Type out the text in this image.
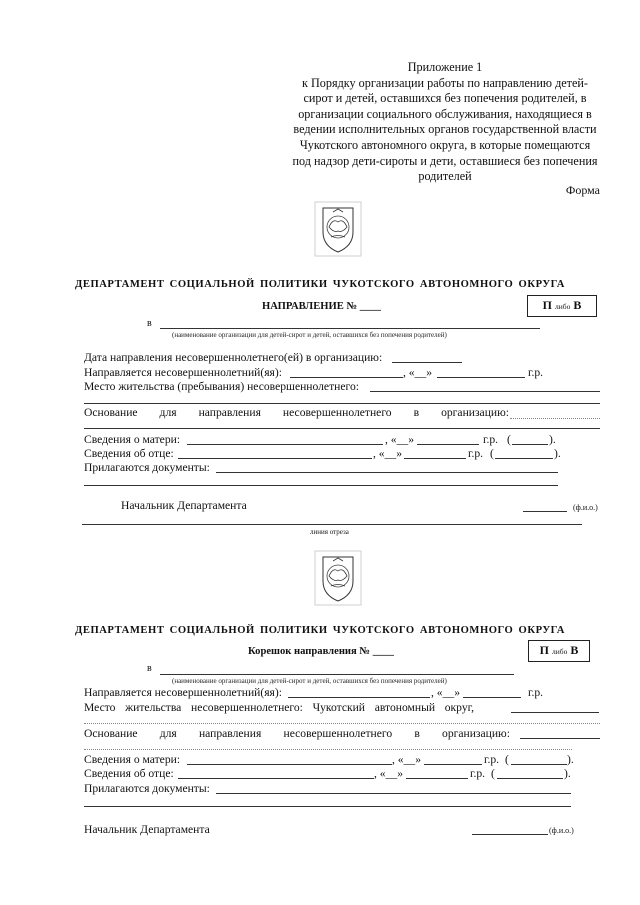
Приложение 1
к Порядку организации работы по направлению детей-
сирот и детей, оставшихся без попечения родителей, в
организации социального обслуживания, находящиеся в
ведении исполнительных органов государственной власти
Чукотского автономного округа, в которые помещаются
под надзор дети-сироты и дети, оставшиеся без попечения
родителей
Форма
ДЕПАРТАМЕНТ СОЦИАЛЬНОЙ ПОЛИТИКИ ЧУКОТСКОГО АВТОНОМНОГО ОКРУГА
НАПРАВЛЕНИЕ № ____	П либо В
в
(наименование организации для детей-сирот и детей, оставшихся без попечения родителей)
Дата направления несовершеннолетнего(ей) в организацию:
Направляется несовершеннолетний(яя):	, «__»	г.р.
Место жительства (пребывания) несовершеннолетнего:
Основание для направления несовершеннолетнего в организацию:
Сведения о матери:	, «__»	г.р. (	).
Сведения об отце:	, «__»	г.р. (	).
Прилагаются документы:
Начальник Департамента	(ф.и.о.)
линия отреза
ДЕПАРТАМЕНТ СОЦИАЛЬНОЙ ПОЛИТИКИ ЧУКОТСКОГО АВТОНОМНОГО ОКРУГА
Корешок направления № ____	П либо В
в
(наименование организации для детей-сирот и детей, оставшихся без попечения родителей)
Направляется несовершеннолетний(яя):	, «__»	г.р.
Место жительства несовершеннолетнего: Чукотский автономный округ,
Основание для направления несовершеннолетнего в организацию:
Сведения о матери:	, «__»	г.р. (	).
Сведения об отце:	, «__»	г.р. (	).
Прилагаются документы:
Начальник Департамента	(ф.и.о.)
